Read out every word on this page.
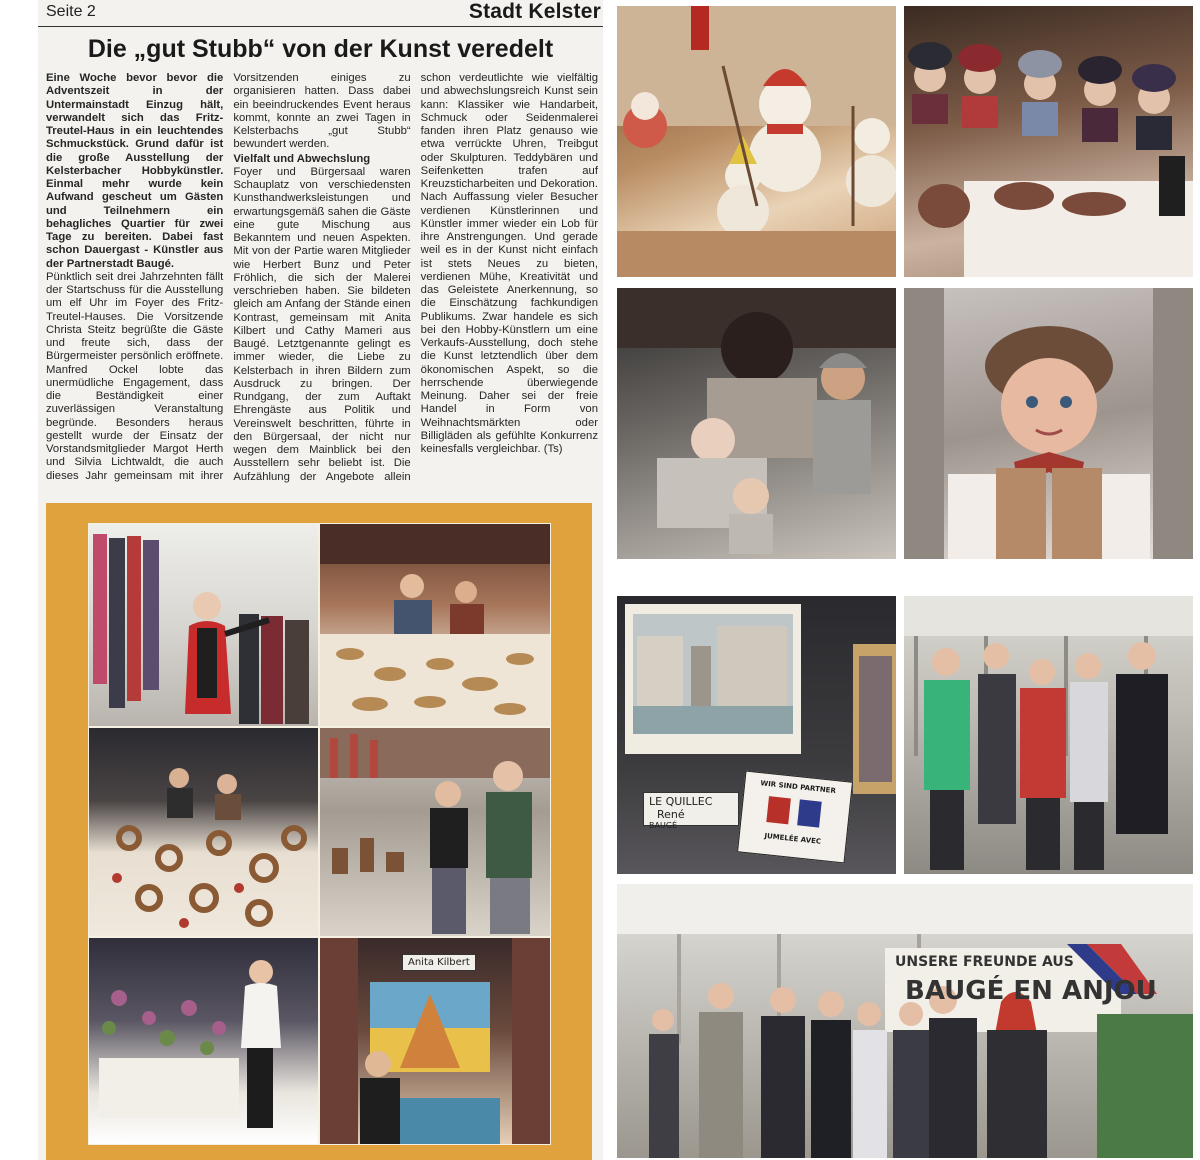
Seite 2	Stadt Kelster
Die „gut Stubb“ von der Kunst veredelt

Eine Woche bevor bevor die Adventszeit in der Untermainstadt Einzug hält, verwandelt sich das Fritz-Treutel-Haus in ein leuchtendes Schmuckstück. Grund dafür ist die große Ausstellung der Kelsterbacher Hobbykünstler. Einmal mehr wurde kein Aufwand gescheut um Gästen und Teilnehmern ein behagliches Quartier für zwei Tage zu bereiten. Dabei fast schon Dauergast - Künstler aus der Partnerstadt Baugé.

Pünktlich seit drei Jahrzehnten fällt der Startschuss für die Ausstellung um elf Uhr im Foyer des Fritz-Treutel-Hauses. Die Vorsitzende Christa Steitz begrüßte die Gäste und freute sich, dass der Bürgermeister persönlich eröffnete. Manfred Ockel lobte das unermüdliche Engagement, dass die Beständigkeit einer zuverlässigen Veranstaltung begründe. Besonders heraus gestellt wurde der Einsatz der Vorstandsmitglieder Margot Herth und Silvia Lichtwaldt, die auch dieses Jahr gemeinsam mit ihrer Vorsitzenden einiges zu organisieren hatten. Dass dabei ein beeindruckendes Event heraus kommt, konnte an zwei Tagen in Kelsterbachs „gut Stubb“ bewundert werden.

Vielfalt und Abwechslung

Foyer und Bürgersaal waren Schauplatz von verschiedensten Kunsthandwerksleistungen und erwartungsgemäß sahen die Gäste eine gute Mischung aus Bekanntem und neuen Aspekten. Mit von der Partie waren Mitglieder wie Herbert Bunz und Peter Fröhlich, die sich der Malerei verschrieben haben. Sie bildeten gleich am Anfang der Stände einen Kontrast, gemeinsam mit Anita Kilbert und Cathy Mameri aus Baugé. Letztgenannte gelingt es immer wieder, die Liebe zu Kelsterbach in ihren Bildern zum Ausdruck zu bringen. Der Rundgang, der zum Auftakt Ehrengäste aus Politik und Vereinswelt beschritten, führte in den Bürgersaal, der nicht nur wegen dem Mainblick bei den Ausstellern sehr beliebt ist. Die Aufzählung der Angebote allein schon verdeutlichte wie vielfältig und abwechslungsreich Kunst sein kann: Klassiker wie Handarbeit, Schmuck oder Seidenmalerei fanden ihren Platz genauso wie etwa verrückte Uhren, Treibgut oder Skulpturen. Teddybären und Seifenketten trafen auf Kreuzsticharbeiten und Dekoration. Nach Auffassung vieler Besucher verdienen Künstlerinnen und Künstler immer wieder ein Lob für ihre Anstrengungen. Und gerade weil es in der Kunst nicht einfach ist stets Neues zu bieten, verdienen Mühe, Kreativität und das Geleistete Anerkennung, so die Einschätzung fachkundigen Publikums. Zwar handele es sich bei den Hobby-Künstlern um eine Verkaufs-Ausstellung, doch stehe die Kunst letztendlich über dem ökonomischen Aspekt, so die herrschende überwiegende Meinung. Daher sei der freie Handel in Form von Weihnachtsmärkten oder Billigläden als gefühlte Konkurrenz keinesfalls vergleichbar. (Ts)

Anita Kilbert
LE QUILLEC René
BAUGÉ
WIR SIND PARTNER
JUMELÉE AVEC
UNSERE FREUNDE AUS
BAUGÉ EN ANJOU
